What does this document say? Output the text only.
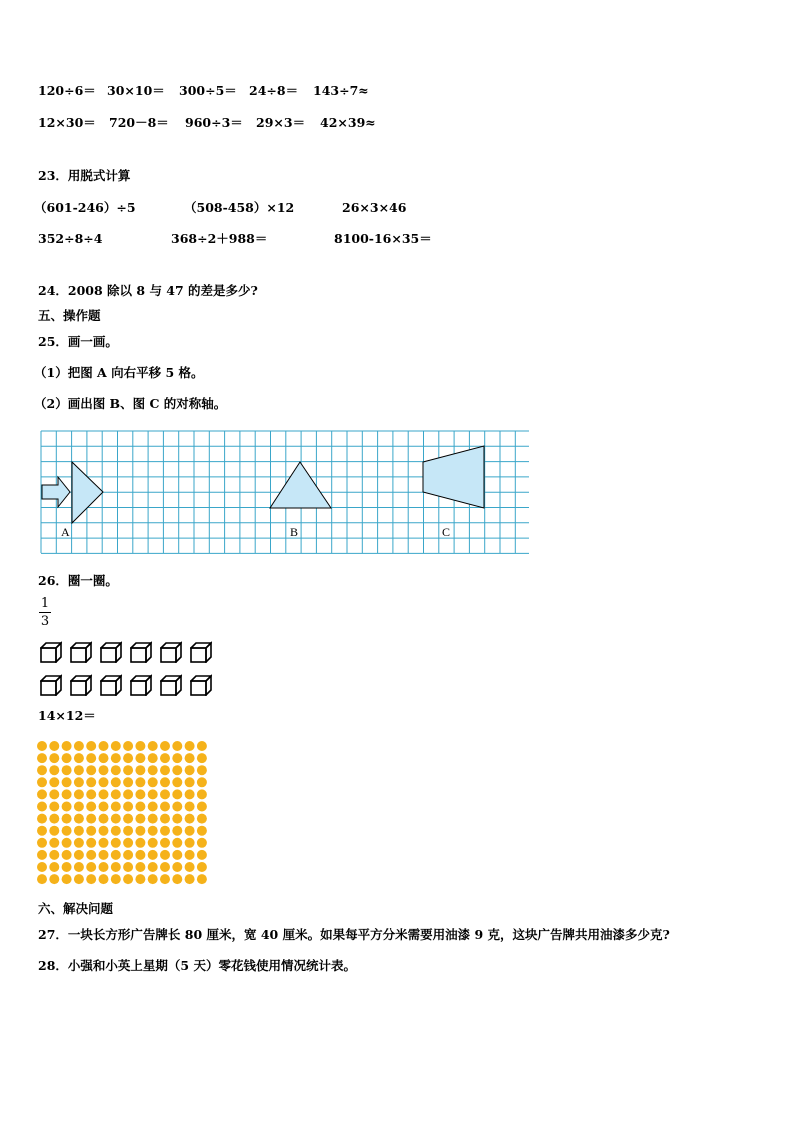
120÷6＝ 30×10＝ 300÷5＝ 24÷8＝ 143÷7≈
12×30＝ 720－8＝ 960÷3＝ 29×3＝ 42×39≈
23．用脱式计算
（601-246）÷5	（508-458）×12	26×3×46
352÷8÷4	368÷2＋988＝	8100-16×35＝
24．2008 除以 8 与 47 的差是多少?
五、操作题
25．画一画。
（1）把图 A 向右平移 5 格。
（2）画出图 B、图 C 的对称轴。
A	B	C
26．圈一圈。
1
3
14×12＝
六、解决问题
27．一块长方形广告牌长 80 厘米，宽 40 厘米。如果每平方分米需要用油漆 9 克，这块广告牌共用油漆多少克?
28．小强和小英上星期（5 天）零花钱使用情况统计表。
